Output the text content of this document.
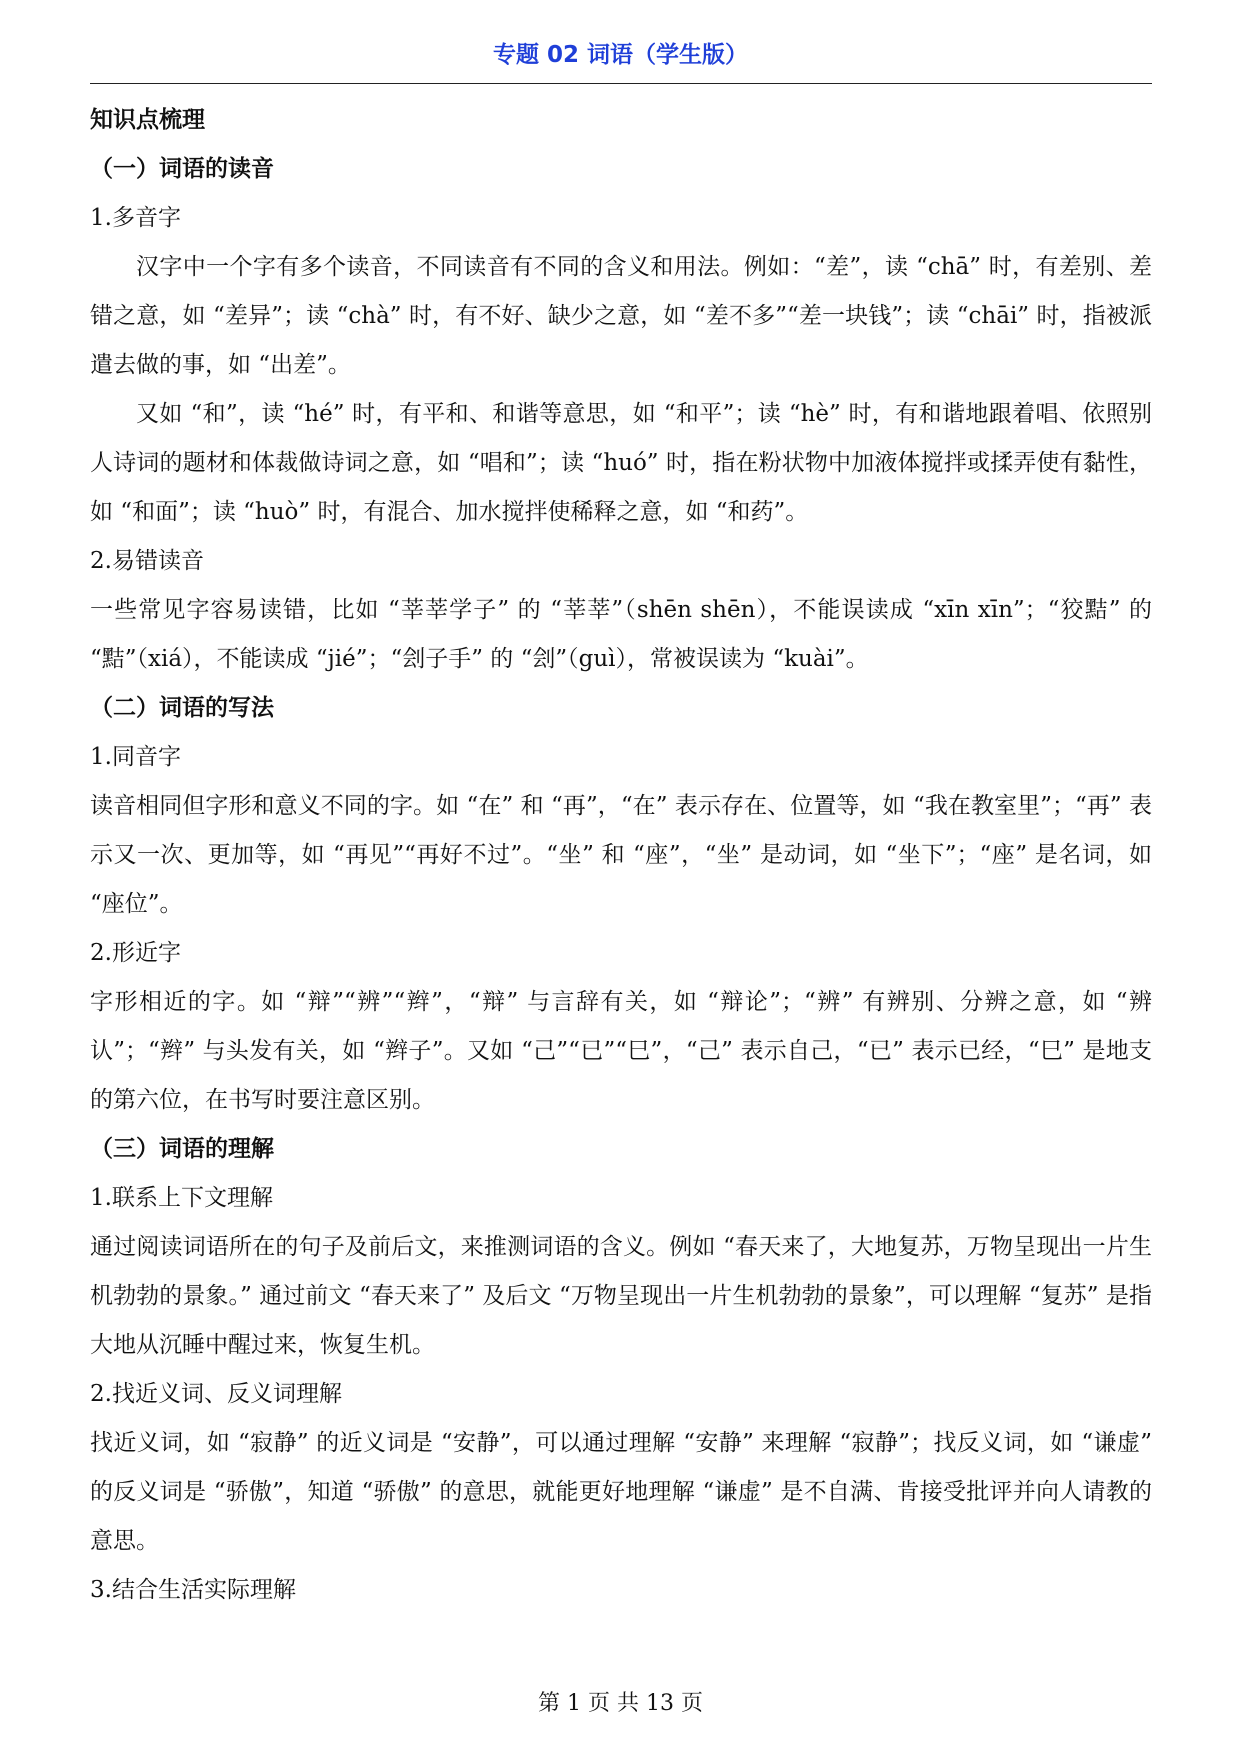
专题 02 词语（学生版）

知识点梳理

（一）词语的读音

1.多音字

汉字中一个字有多个读音，不同读音有不同的含义和用法。例如：“差”，读 “chā” 时，有差别、差错之意，如 “差异”；读 “chà” 时，有不好、缺少之意，如 “差不多”“差一块钱”；读 “chāi” 时，指被派遣去做的事，如 “出差”。

又如 “和”，读 “hé” 时，有平和、和谐等意思，如 “和平”；读 “hè” 时，有和谐地跟着唱、依照别人诗词的题材和体裁做诗词之意，如 “唱和”；读 “huó” 时，指在粉状物中加液体搅拌或揉弄使有黏性，如 “和面”；读 “huò” 时，有混合、加水搅拌使稀释之意，如 “和药”。

2.易错读音

一些常见字容易读错，比如 “莘莘学子” 的 “莘莘”（shēn shēn），不能误读成 “xīn xīn”；“狡黠” 的 “黠”（xiá），不能读成 “jié”；“刽子手” 的 “刽”（guì），常被误读为 “kuài”。

（二）词语的写法

1.同音字

读音相同但字形和意义不同的字。如 “在” 和 “再”，“在” 表示存在、位置等，如 “我在教室里”；“再” 表示又一次、更加等，如 “再见”“再好不过”。“坐” 和 “座”，“坐” 是动词，如 “坐下”；“座” 是名词，如 “座位”。

2.形近字

字形相近的字。如 “辩”“辨”“辫”，“辩” 与言辞有关，如 “辩论”；“辨” 有辨别、分辨之意，如 “辨认”；“辫” 与头发有关，如 “辫子”。又如 “己”“已”“巳”，“己” 表示自己，“已” 表示已经，“巳” 是地支的第六位，在书写时要注意区别。

（三）词语的理解

1.联系上下文理解

通过阅读词语所在的句子及前后文，来推测词语的含义。例如 “春天来了，大地复苏，万物呈现出一片生机勃勃的景象。” 通过前文 “春天来了” 及后文 “万物呈现出一片生机勃勃的景象”，可以理解 “复苏” 是指大地从沉睡中醒过来，恢复生机。

2.找近义词、反义词理解

找近义词，如 “寂静” 的近义词是 “安静”，可以通过理解 “安静” 来理解 “寂静”；找反义词，如 “谦虚” 的反义词是 “骄傲”，知道 “骄傲” 的意思，就能更好地理解 “谦虚” 是不自满、肯接受批评并向人请教的意思。

3.结合生活实际理解

第 1 页 共 13 页
